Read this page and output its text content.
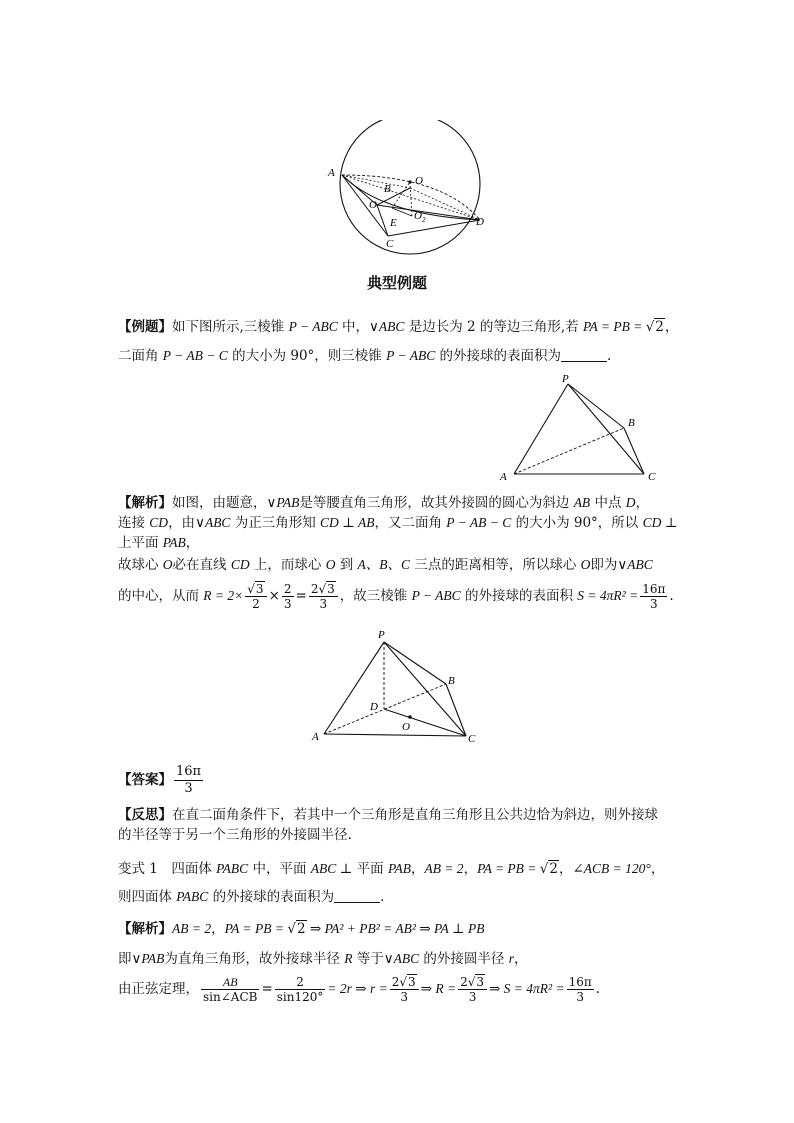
A
B
O
O
E
O 2	D
C
典型例题
【例题】如下图所示,三棱锥 P − ABC 中，∨ABC 是边长为 2 的等边三角形,若 PA = PB = √2，
二面角 P − AB − C 的大小为 90°，则三棱锥 P − ABC 的外接球的表面积为	.
P
B
A	C
【解析】如图，由题意，∨PAB是等腰直角三角形，故其外接圆的圆心为斜边 AB 中点 D，
连接 CD，由∨ABC 为正三角形知 CD ⊥ AB，又二面角 P − AB − C 的大小为 90°，所以 CD ⊥
上平面 PAB，
故球心 O必在直线 CD 上，而球心 O 到 A、B、C 三点的距离相等，所以球心 O即为∨ABC
的中心，从而 $R = 2\times \frac{√3}{2} \times \frac{2}{3} = \frac{2√3}{3}$ ，故三棱锥 P − ABC 的外接球的表面积 $S = 4\pi R^2 = \frac{16\pi}{3}$ .
P
B
D
O
A	C
【答案】 $\frac{16\pi}{3}$
【反思】在直二面角条件下，若其中一个三角形是直角三角形且公共边恰为斜边，则外接球
的半径等于另一个三角形的外接圆半径.
变式 1　四面体 PABC 中，平面 ABC ⊥ 平面 PAB，AB = 2，PA = PB = √2，∠ACB = 120°，
则四面体 PABC 的外接球的表面积为	.
【解析】AB = 2，PA = PB = √2 ⇒ PA² + PB² = AB² ⇒ PA ⊥ PB
即∨PAB为直角三角形，故外接球半径 R 等于∨ABC 的外接圆半径 r，
由正弦定理，	AB
sin∠ACB = $\frac{2}{\sin 120^\circ} = 2r$ ⇒ $r = \frac{2√3}{3}$ ⇒ $R = \frac{2√3}{3}$ ⇒ $S = 4\pi R^2 = \frac{16\pi}{3}$ .
